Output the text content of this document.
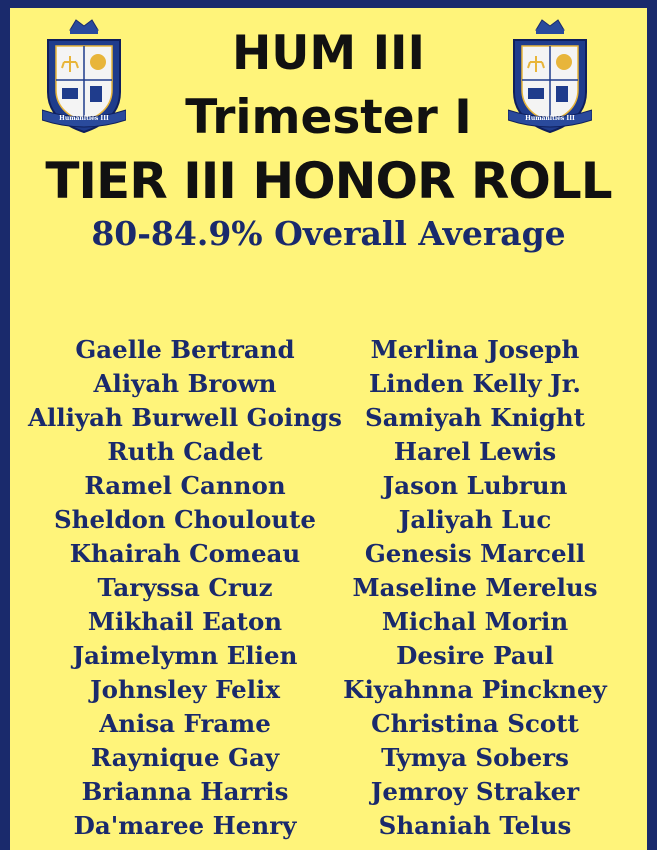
Humanities III	Humanities III
HUM III
Trimester I
TIER III HONOR ROLL
80-84.9% Overall Average
Gaelle Bertrand
Aliyah Brown
Alliyah Burwell Goings
Ruth Cadet
Ramel Cannon
Sheldon Chouloute
Khairah Comeau
Taryssa Cruz
Mikhail Eaton
Jaimelymn Elien
Johnsley Felix
Anisa Frame
Raynique Gay
Brianna Harris
Da'maree Henry
Merlina Joseph
Linden Kelly Jr.
Samiyah Knight
Harel Lewis
Jason Lubrun
Jaliyah Luc
Genesis Marcell
Maseline Merelus
Michal Morin
Desire Paul
Kiyahnna Pinckney
Christina Scott
Tymya Sobers
Jemroy Straker
Shaniah Telus
